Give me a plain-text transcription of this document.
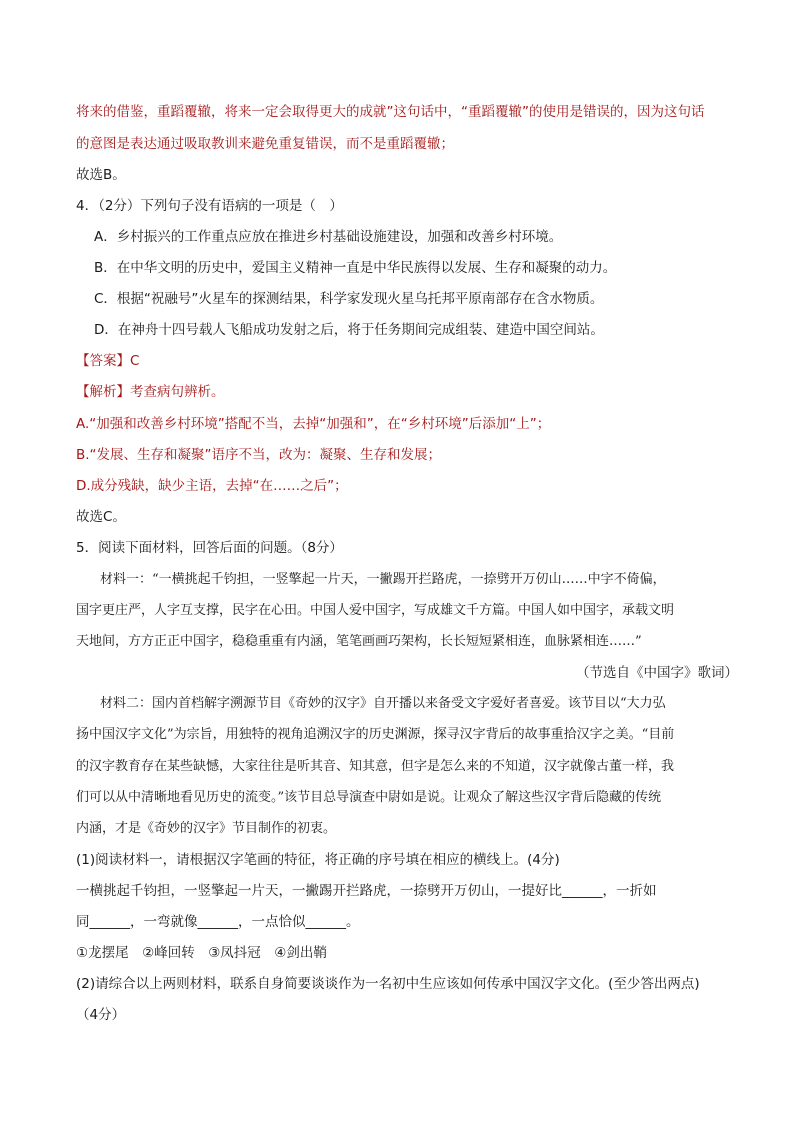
将来的借鉴，重蹈覆辙，将来一定会取得更大的成就”这句话中，“重蹈覆辙”的使用是错误的，因为这句话
的意图是表达通过吸取教训来避免重复错误，而不是重蹈覆辙；
故选B。
4．（2分）下列句子没有语病的一项是（　）
A．乡村振兴的工作重点应放在推进乡村基础设施建设，加强和改善乡村环境。
B．在中华文明的历史中，爱国主义精神一直是中华民族得以发展、生存和凝聚的动力。
C．根据“祝融号”火星车的探测结果，科学家发现火星乌托邦平原南部存在含水物质。
D．在神舟十四号载人飞船成功发射之后，将于任务期间完成组装、建造中国空间站。
【答案】C
【解析】考查病句辨析。
A.“加强和改善乡村环境”搭配不当，去掉“加强和”，在“乡村环境”后添加“上”；
B.“发展、生存和凝聚”语序不当，改为：凝聚、生存和发展；
D.成分残缺，缺少主语，去掉“在……之后”；
故选C。
5．阅读下面材料，回答后面的问题。（8分）
材料一：“一横挑起千钧担，一竖擎起一片天，一撇踢开拦路虎，一捺劈开万仞山……中字不倚偏，
国字更庄严，人字互支撑，民字在心田。中国人爱中国字，写成雄文千方篇。中国人如中国字，承载文明
天地间，方方正正中国字，稳稳重重有内涵，笔笔画画巧架构，长长短短紧相连，血脉紧相连……”
（节选自《中国字》歌词）
材料二：国内首档解字溯源节目《奇妙的汉字》自开播以来备受文字爱好者喜爱。该节目以“大力弘
扬中国汉字文化”为宗旨，用独特的视角追溯汉字的历史渊源，探寻汉字背后的故事重拾汉字之美。“目前
的汉字教育存在某些缺憾，大家往往是听其音、知其意，但字是怎么来的不知道，汉字就像古董一样，我
们可以从中清晰地看见历史的流变。”该节目总导演查中尉如是说。让观众了解这些汉字背后隐藏的传统
内涵，才是《奇妙的汉字》节目制作的初衷。
(1)阅读材料一，请根据汉字笔画的特征，将正确的序号填在相应的横线上。(4分)
一横挑起千钧担，一竖擎起一片天，一撇踢开拦路虎，一捺劈开万仞山，一提好比______，一折如
同______，一弯就像______，一点恰似______。
①龙摆尾　②峰回转　③凤抖冠　④剑出鞘
(2)请综合以上两则材料，联系自身简要谈谈作为一名初中生应该如何传承中国汉字文化。(至少答出两点)
（4分）
